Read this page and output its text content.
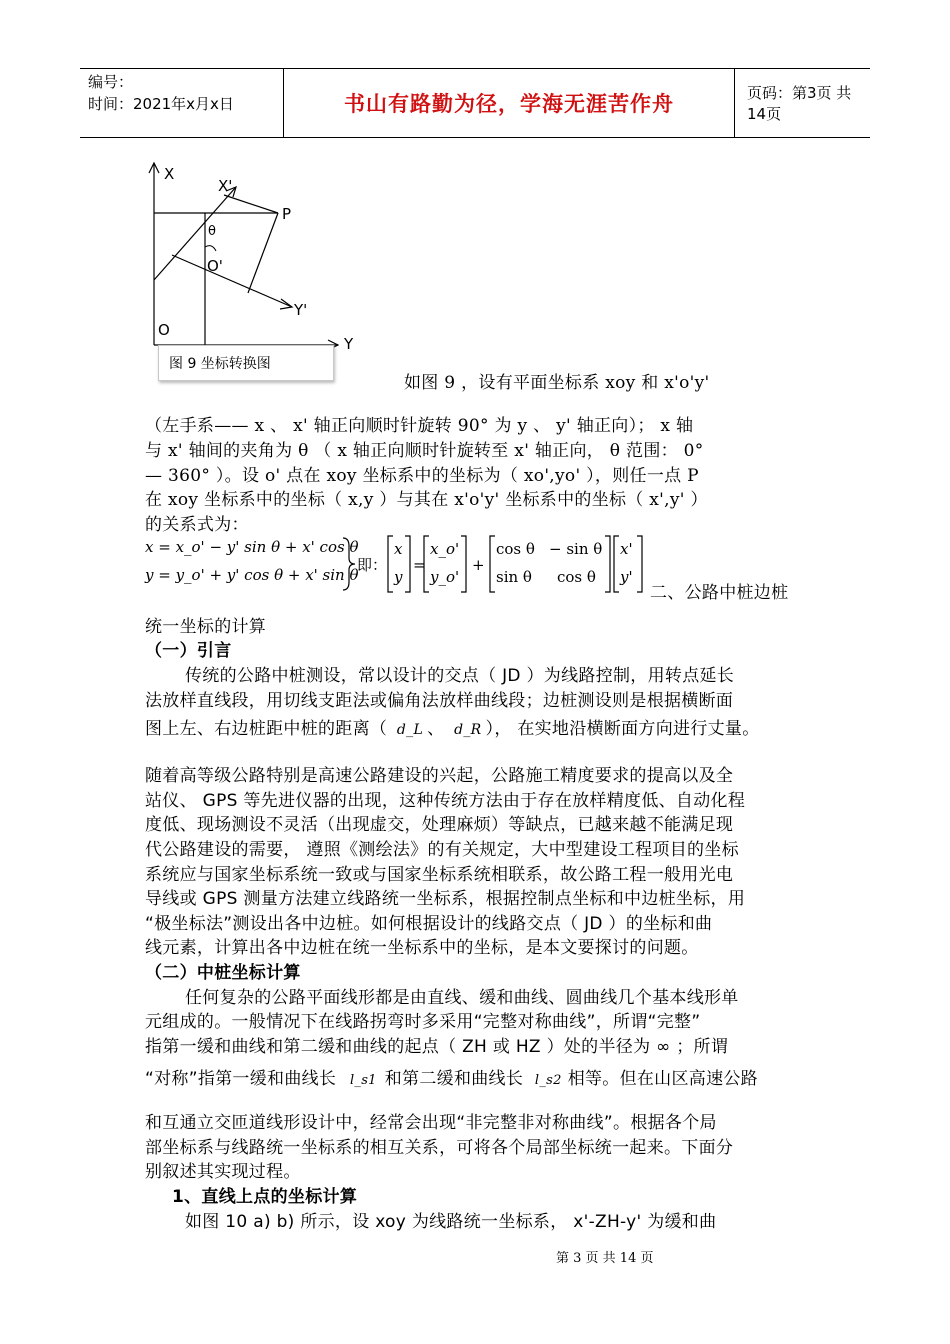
编号：
时间：2021年x月x日	书山有路勤为径，学海无涯苦作舟	页码：第3页 共14页
X
Y
O
X'
Y'
O'
P
θ
图 9 坐标转换图
如图 9 ，设有平面坐标系 xoy 和 x'o'y'
（左手系—— x 、 x' 轴正向顺时针旋转 90° 为 y 、 y' 轴正向）； x 轴
与 x' 轴间的夹角为 θ （ x 轴正向顺时针旋转至 x' 轴正向， θ 范围： 0°
— 360° ）。设 o' 点在 xoy 坐标系中的坐标为（ xo',yo' ），则任一点 P
在 xoy 坐标系中的坐标（ x,y ）与其在 x'o'y' 坐标系中的坐标（ x',y' ）
的关系式为：
x = x_o' − y' sin θ + x' cos θ
y = y_o' + y' cos θ + x' sin θ
即：
x
y
=
x_o'
y_o'
+
cos θ − sin θ
sin θ cos θ
x'
y'
二、公路中桩边桩
统一坐标的计算
（一）引言
传统的公路中桩测设，常以设计的交点（ JD ）为线路控制，用转点延长
法放样直线段，用切线支距法或偏角法放样曲线段；边桩测设则是根据横断面
图上左、右边桩距中桩的距离（ d_L 、 d_R ）， 在实地沿横断面方向进行丈量。
随着高等级公路特别是高速公路建设的兴起，公路施工精度要求的提高以及全
站仪、 GPS 等先进仪器的出现，这种传统方法由于存在放样精度低、自动化程
度低、现场测设不灵活（出现虚交，处理麻烦）等缺点，已越来越不能满足现
代公路建设的需要， 遵照《测绘法》的有关规定，大中型建设工程项目的坐标
系统应与国家坐标系统一致或与国家坐标系统相联系，故公路工程一般用光电
导线或 GPS 测量方法建立线路统一坐标系，根据控制点坐标和中边桩坐标，用
“极坐标法”测设出各中边桩。如何根据设计的线路交点（ JD ）的坐标和曲
线元素，计算出各中边桩在统一坐标系中的坐标，是本文要探讨的问题。
（二）中桩坐标计算
任何复杂的公路平面线形都是由直线、缓和曲线、圆曲线几个基本线形单
元组成的。一般情况下在线路拐弯时多采用“完整对称曲线”，所谓“完整”
指第一缓和曲线和第二缓和曲线的起点（ ZH 或 HZ ）处的半径为 ∞ ；所谓
“对称”指第一缓和曲线长 l_s1 和第二缓和曲线长 l_s2 相等。但在山区高速公路
和互通立交匝道线形设计中，经常会出现“非完整非对称曲线”。根据各个局
部坐标系与线路统一坐标系的相互关系，可将各个局部坐标统一起来。下面分
别叙述其实现过程。
1、直线上点的坐标计算
如图 10 a) b) 所示，设 xoy 为线路统一坐标系， x'-ZH-y' 为缓和曲
第 3 页 共 14 页
